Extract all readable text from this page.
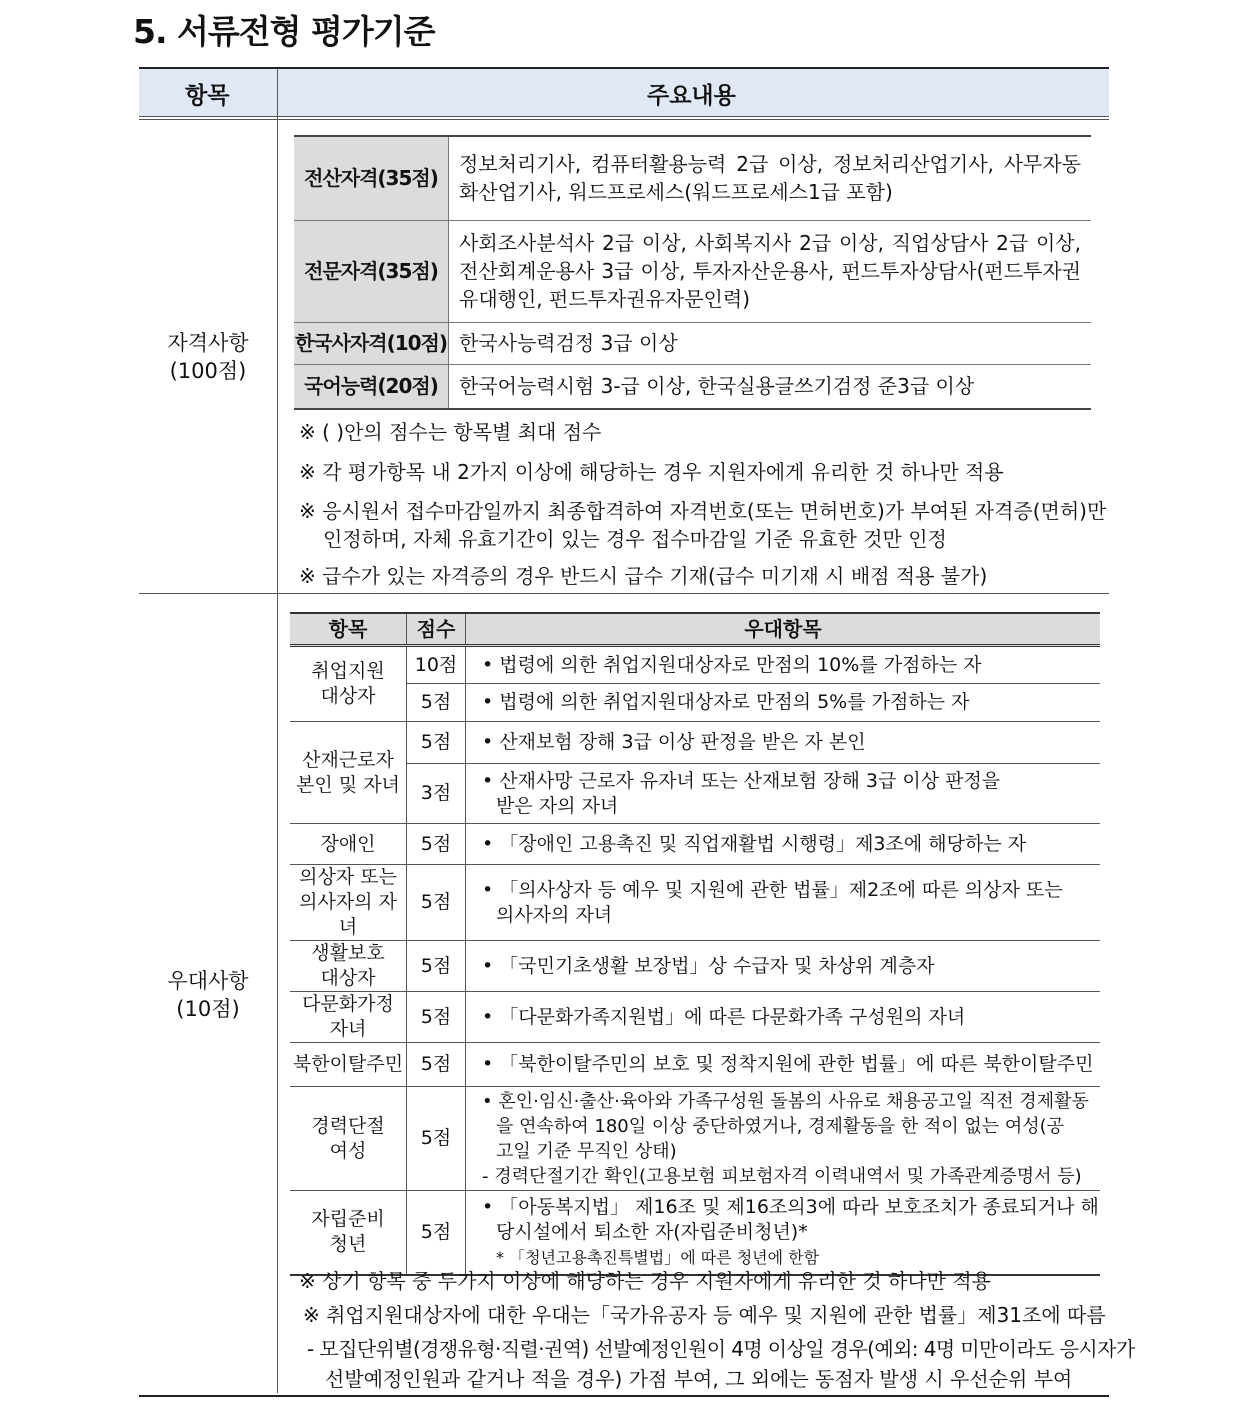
5. 서류전형 평가기준
항목	주요내용
자격사항
(100점)
전산자격(35점)	정보처리기사, 컴퓨터활용능력 2급 이상, 정보처리산업기사, 사무자동화산업기사, 워드프로세스(워드프로세스1급 포함)
전문자격(35점)	사회조사분석사 2급 이상, 사회복지사 2급 이상, 직업상담사 2급 이상, 전산회계운용사 3급 이상, 투자자산운용사, 펀드투자상담사(펀드투자권유대행인, 펀드투자권유자문인력)
한국사자격(10점)	한국사능력검정 3급 이상
국어능력(20점)	한국어능력시험 3-급 이상, 한국실용글쓰기검정 준3급 이상
※ ( )안의 점수는 항목별 최대 점수
※ 각 평가항목 내 2가지 이상에 해당하는 경우 지원자에게 유리한 것 하나만 적용
※ 응시원서 접수마감일까지 최종합격하여 자격번호(또는 면허번호)가 부여된 자격증(면허)만
인정하며, 자체 유효기간이 있는 경우 접수마감일 기준 유효한 것만 인정
※ 급수가 있는 자격증의 경우 반드시 급수 기재(급수 미기재 시 배점 적용 불가)
우대사항
(10점)
항목	점수	우대항목
취업지원
대상자	10점	• 법령에 의한 취업지원대상자로 만점의 10%를 가점하는 자
	5점	• 법령에 의한 취업지원대상자로 만점의 5%를 가점하는 자
산재근로자
본인 및 자녀	5점	• 산재보험 장해 3급 이상 판정을 받은 자 본인
	3점	• 산재사망 근로자 유자녀 또는 산재보험 장해 3급 이상 판정을

받은 자의 자녀

장애인	5점	• 「장애인 고용촉진 및 직업재활법 시행령」제3조에 해당하는 자
의상자 또는
의사자의 자녀	5점	• 「의사상자 등 예우 및 지원에 관한 법률」제2조에 따른 의상자 또는

의사자의 자녀

생활보호
대상자	5점	• 「국민기초생활 보장법」상 수급자 및 차상위 계층자
다문화가정
자녀	5점	• 「다문화가족지원법」에 따른 다문화가족 구성원의 자녀
북한이탈주민	5점	• 「북한이탈주민의 보호 및 정착지원에 관한 법률」에 따른 북한이탈주민
경력단절
여성	5점	• 혼인·임신·출산·육아와 가족구성원 돌봄의 사유로 채용공고일 직전 경제활동

을 연속하여 180일 이상 중단하였거나, 경제활동을 한 적이 없는 여성(공
고일 기준 무직인 상태)
- 경력단절기간 확인(고용보험 피보험자격 이력내역서 및 가족관계증명서 등)
자립준비
청년	5점	• 「아동복지법」 제16조 및 제16조의3에 따라 보호조치가 종료되거나 해

당시설에서 퇴소한 자(자립준비청년)*
* 「청년고용촉진특별법」에 따른 청년에 한함
※ 상기 항목 중 두가지 이상에 해당하는 경우 지원자에게 유리한 것 하나만 적용
※ 취업지원대상자에 대한 우대는「국가유공자 등 예우 및 지원에 관한 법률」제31조에 따름
- 모집단위별(경쟁유형·직렬·권역) 선발예정인원이 4명 이상일 경우(예외: 4명 미만이라도 응시자가
선발예정인원과 같거나 적을 경우) 가점 부여, 그 외에는 동점자 발생 시 우선순위 부여
